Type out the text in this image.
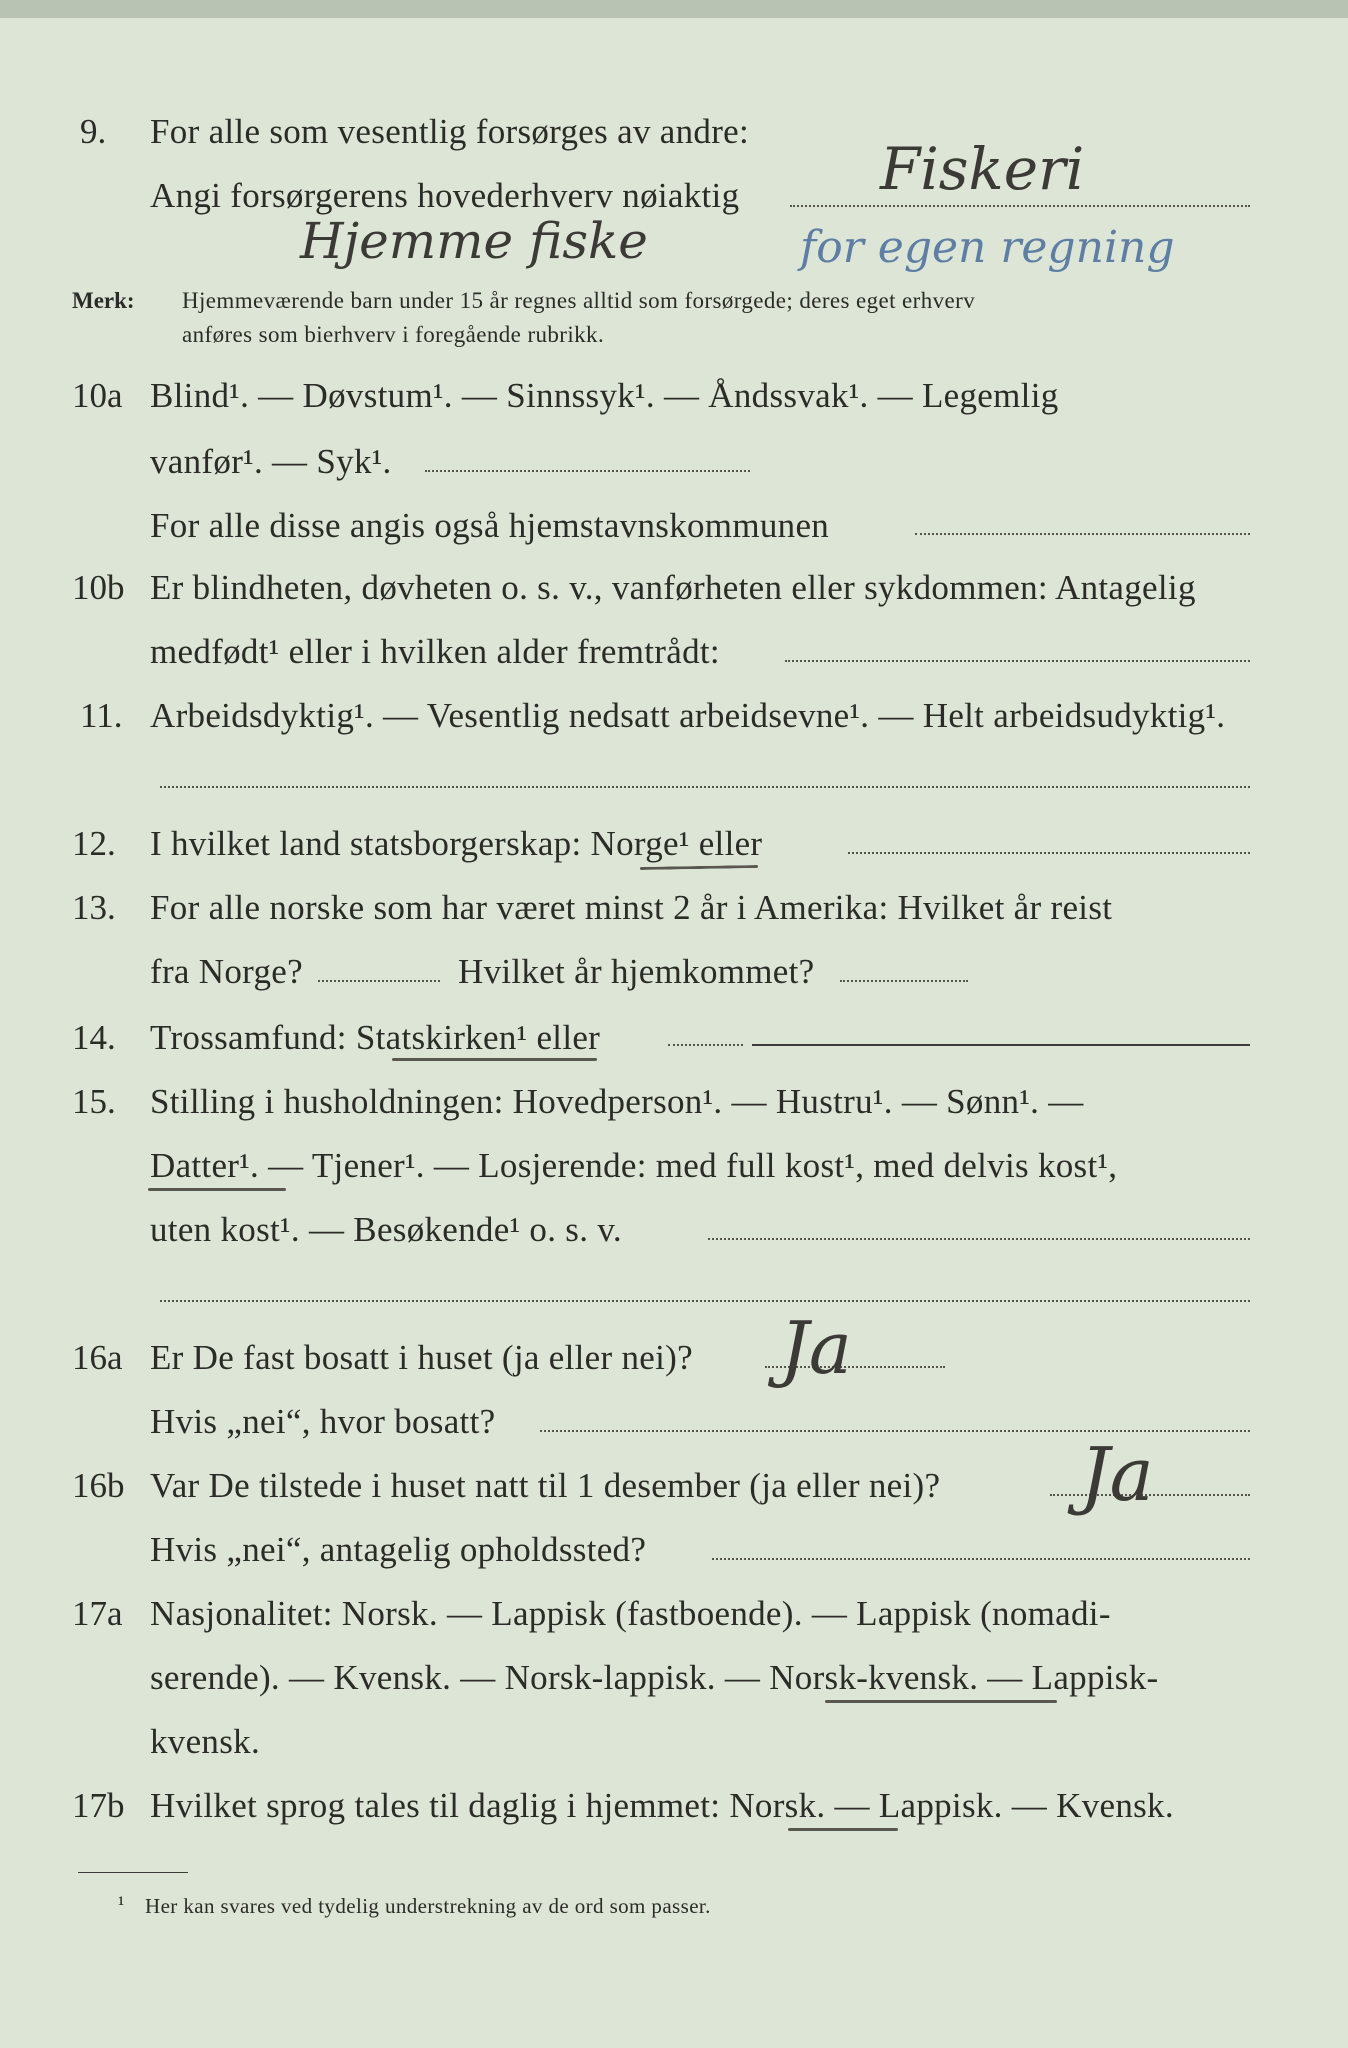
9. For alle som vesentlig forsørges av andre:
Angi forsørgerens hovederhverv nøiaktig Fiskeri
Hjemme fiske	for egen regning
Merk: Hjemmeværende barn under 15 år regnes alltid som forsørgede; deres eget erhverv
anføres som bierhverv i foregående rubrikk.
10a Blind¹. — Døvstum¹. — Sinnssyk¹. — Åndssvak¹. — Legemlig
vanfør¹. — Syk¹.
For alle disse angis også hjemstavnskommunen
10b Er blindheten, døvheten o. s. v., vanførheten eller sykdommen: Antagelig
medfødt¹ eller i hvilken alder fremtrådt:
11. Arbeidsdyktig¹. — Vesentlig nedsatt arbeidsevne¹. — Helt arbeidsudyktig¹.
12. I hvilket land statsborgerskap: Norge¹ eller
13. For alle norske som har været minst 2 år i Amerika: Hvilket år reist
fra Norge?	Hvilket år hjemkommet?
14. Trossamfund: Statskirken¹ eller
15. Stilling i husholdningen: Hovedperson¹. — Hustru¹. — Sønn¹. —
Datter¹. — Tjener¹. — Losjerende: med full kost¹, med delvis kost¹,
uten kost¹. — Besøkende¹ o. s. v.
16a Er De fast bosatt i huset (ja eller nei)? Ja
Hvis „nei“, hvor bosatt?
16b Var De tilstede i huset natt til 1 desember (ja eller nei)? Ja
Hvis „nei“, antagelig opholdssted?
17a Nasjonalitet: Norsk. — Lappisk (fastboende). — Lappisk (nomadi-
serende). — Kvensk. — Norsk-lappisk. — Norsk-kvensk. — Lappisk-
kvensk.
17b Hvilket sprog tales til daglig i hjemmet: Norsk. — Lappisk. — Kvensk.
¹ Her kan svares ved tydelig understrekning av de ord som passer.
